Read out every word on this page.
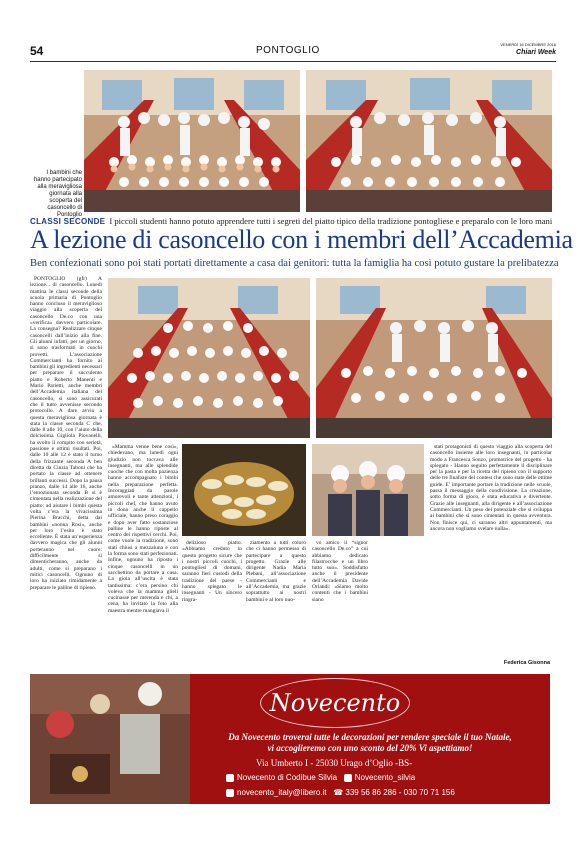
54	PONTOGLIO
VENERDÌ 16 DICEMBRE 2016
Chiari Week
I bambini che hanno partecipato alla meravigliosa giornata alla scoperta del casoncello di Pontoglio
CLASSI SECONDE I piccoli studenti hanno potuto apprendere tutti i segreti del piatto tipico della tradizione pontogliese e preparalo con le loro mani
A lezione di casoncello con i membri dell’Accademia
Ben confezionati sono poi stati portati direttamente a casa dai genitori: tutta la famiglia ha così potuto gustare la prelibatezza

PONTOGLIO (gfr) A lezione... di casoncello. Lunedì mattina le classi seconde della scuola primaria di Pontoglio hanno concluso il meraviglioso viaggio alla scoperta del casoncello De.co con una «verifica» davvero particolare. La consegna? Realizzare cinque casoncelli dall’inizio alla fine. Gli alunni infatti, per un giorno, si sono trasformati in cuochi provetti. L’associazione Commercianti ha fornito ai bambini gli ingredienti necessari per preparare il succulento piatto e Roberto Manenti e Mario Parietti, anche membri dell’Accademia italiana del casoncello, si sono assicurati che il tutto avvenisse secondo protocollo. A dare avvio a questa meravigliosa giornata è stata la classe seconda C che, dalle 8 alle 10, con l’aiuto della dolcissima Gigliola Piovanelli, ha svolto il compito con serietà, passione e ottimi risultati. Poi, dalle 10 alle 12 è stato il turno della frizzante seconda A ben diretta da Cinzia Taboni che ha portato la classe ad ottenere brillanti successi. Dopo la pausa pranzo, dalle 14 alle 16, anche l’emozionata seconda B si è cimentata nella realizzazione del piatto: ad aiutare i bimbi questa volta c’era la vivacissima Pierina Bracchi, detta dai bambini «nonna Rosi», anche per loro l’esito è stato eccellente. È stata un’esperienza davvero magica che gli alunni porteranno nel cuore: difficilmente si dimenticheranno, anche da adulti, come si preparano i mitici casoncelli. Ognuno di loro ha iniziato timidamente a preparare le palline di ripieno.

«Mamma venne bene così», chiedevano, ma lunedì ogni giudizio non toccava alle insegnanti, ma alle splendide cuoche che con molta pazienza hanno accompagnato i bimbi nella preparazione perfetta. Incoraggiati da parole amorevoli e tante attenzioni, i piccoli chef, che hanno avuto in dono anche il cappello ufficiale, hanno preso coraggio e dopo aver fatto sostanziose palline le hanno riposte al centro dei rispettivi cerchi. Poi, come vuole la tradizione, sono stati chiusi a mezzaluna e con la forma sono stati perfezionati. Infine, ognuno ha riposto i cinque casoncelli in un sacchettino da portare a casa. La gioia all’uscita è stata tantissima: c’era persino chi voleva che la mamma glieli cucinasse per merenda e chi, a cena, ha invitato la foto alla maestra mentre mangiava il

delizioso piatto. «Abbiamo creduto in questo progetto sicure che i nostri piccoli cuochi, i pontogliesi di domani, saranno fieri custodi della tradizione del paese - hanno spiegato le insegnanti - Un sincero ringra-

ziamento a tutti coloro che ci hanno permesso di partecipare a questo progetto. Grazie alle dirigente Nadia Maria Plebani, all’associazione Commercianti e all’Accademia, ma grazie soprattutto ai nostri bambini e al loro nuo-

vo amico il “signor casoncello De.co” a cui abbiamo dedicato filastrocche e un libro tutto suo». Soddisfatto anche il presidente dell’Accademia Davide Orlandi: «Siamo molto contenti che i bambini siano

stati protagonisti di questo viaggio alla scoperta del casoncello insieme alle loro insegnanti, in particolar modo a Francesca Sonzo, promotrice del progetto - ha spiegato - Hanno seguito perfettamente il disciplinare per la pasta e per la ricetta del ripieno con il supporto delle tre finaliste del contest che sono state delle ottime guide. E’ importante portare la tradizione nelle scuole, passa il messaggio della condivisione. La creazione, sotto forma di gioco, è stata educativa e divertente. Grazie alle insegnanti, alla dirigente e all’associazione Commercianti. Un peso del potenziale che si sviluppa ai bambini che si sono cimentati in questa avventura. Non finisce qui, ci saranno altri appuntamenti, ma ancora non vogliamo svelare nulla».

Federica Gisonna
Novecento
Da Novecento troverai tutte le decorazioni per rendere speciale il tuo Natale,
vi accoglieremo con uno sconto del 20% Vi aspettiamo!
Via Umberto I - 25030 Urago d’Oglio -BS-
Novecento di Codibue Silvia Novecento_silvia
novecento_italy@libero.it ☎ 339 56 86 286 - 030 70 71 156
